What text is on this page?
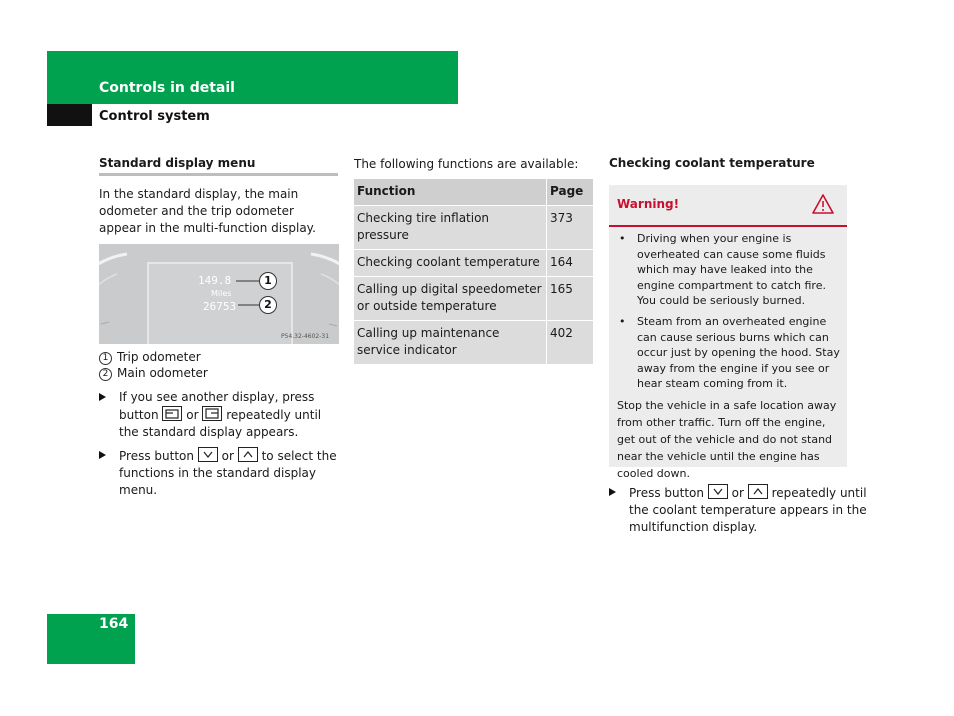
Controls in detail
Control system
Standard display menu
In the standard display, the main odometer and the trip odometer appear in the multi-function display.
149.8
Miles
26753
1
2
P54.32-4602-31
1 Trip odometer
2 Main odometer
If you see another display, press button or repeatedly until the standard display appears.
Press button or to select the functions in the standard display menu.
The following functions are available:
Function	Page
Checking tire inflation pressure	373
Checking coolant temperature	164
Calling up digital speedometer or outside temperature	165
Calling up maintenance service indicator	402
Checking coolant temperature
Warning!
• Driving when your engine is overheated can cause some fluids which may have leaked into the engine compartment to catch fire. You could be seriously burned.
• Steam from an overheated engine can cause serious burns which can occur just by opening the hood. Stay away from the engine if you see or hear steam coming from it.
Stop the vehicle in a safe location away from other traffic. Turn off the engine, get out of the vehicle and do not stand near the vehicle until the engine has cooled down.
Press button or repeatedly until the coolant temperature appears in the multifunction display.
164
